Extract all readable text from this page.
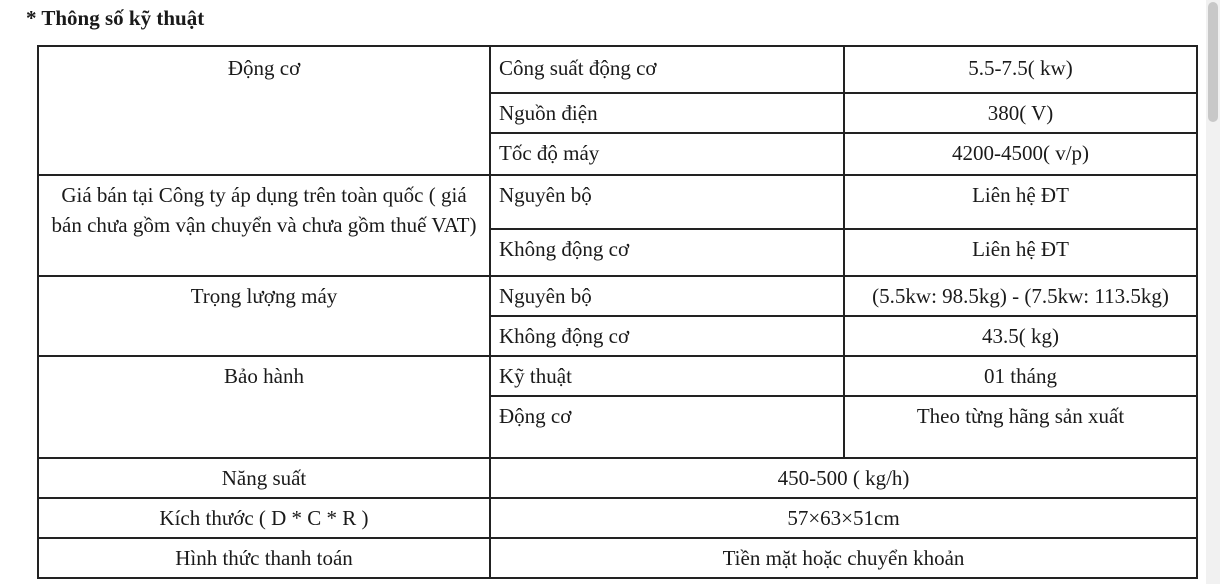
* Thông số kỹ thuật
Động cơ	Công suất động cơ	5.5-7.5( kw)
	Nguồn điện	380( V)
	Tốc độ máy	4200-4500( v/p)
Giá bán tại Công ty áp dụng trên toàn quốc ( giá bán chưa gồm vận chuyển và chưa gồm thuế VAT)	Nguyên bộ	Liên hệ ĐT
	Không động cơ	Liên hệ ĐT
Trọng lượng máy	Nguyên bộ	(5.5kw: 98.5kg) - (7.5kw: 113.5kg)
	Không động cơ	43.5( kg)
Bảo hành	Kỹ thuật	01 tháng
	Động cơ	Theo từng hãng sản xuất
Năng suất	450-500 ( kg/h)	
Kích thước ( D * C * R )	57×63×51cm	
Hình thức thanh toán	Tiền mặt hoặc chuyển khoản	
